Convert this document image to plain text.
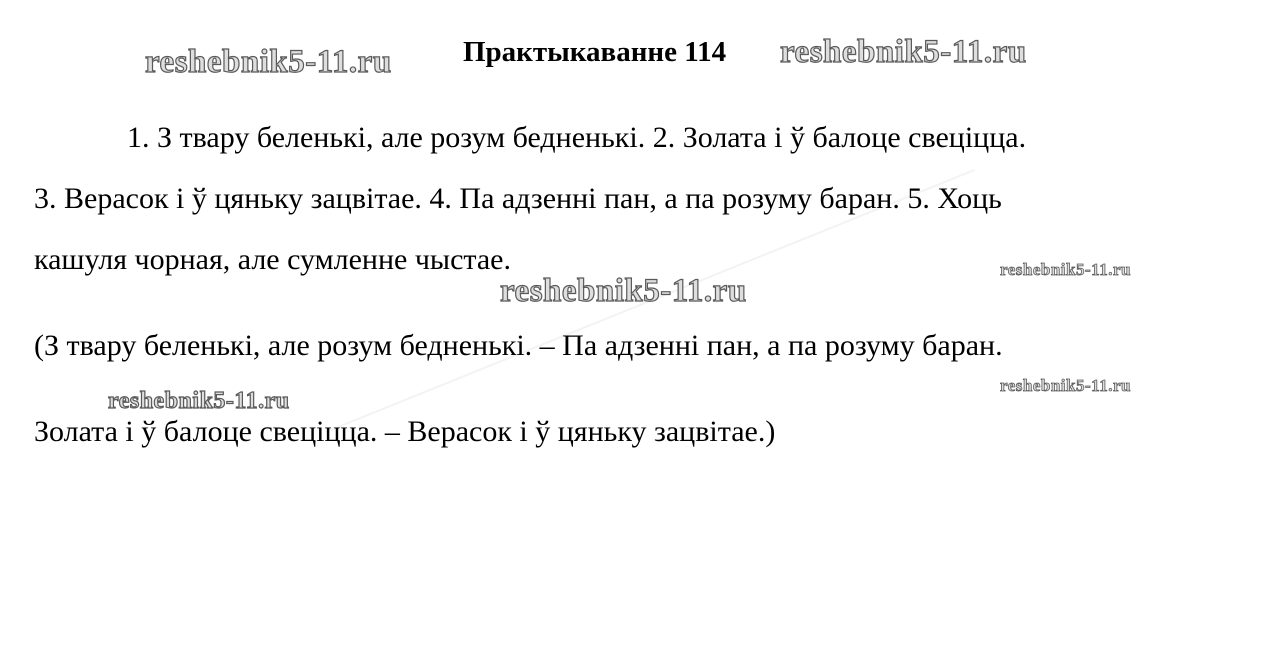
reshebnik5-11.ru Практыкаванне 114 reshebnik5-11.ru
1. З твару беленькі, але розум бедненькі. 2. Золата і ў балоце свеціцца.
3. Верасок і ў цяньку зацвітае. 4. Па адзенні пан, а па розуму баран. 5. Хоць
кашуля чорная, але сумленне чыстае.	reshebnik5-11.ru
reshebnik5-11.ru
(З твару беленькі, але розум бедненькі. – Па адзенні пан, а па розуму баран.
reshebnik5-11.ru
reshebnik5-11.ru
Золата і ў балоце свеціцца. – Верасок і ў цяньку зацвітае.)
